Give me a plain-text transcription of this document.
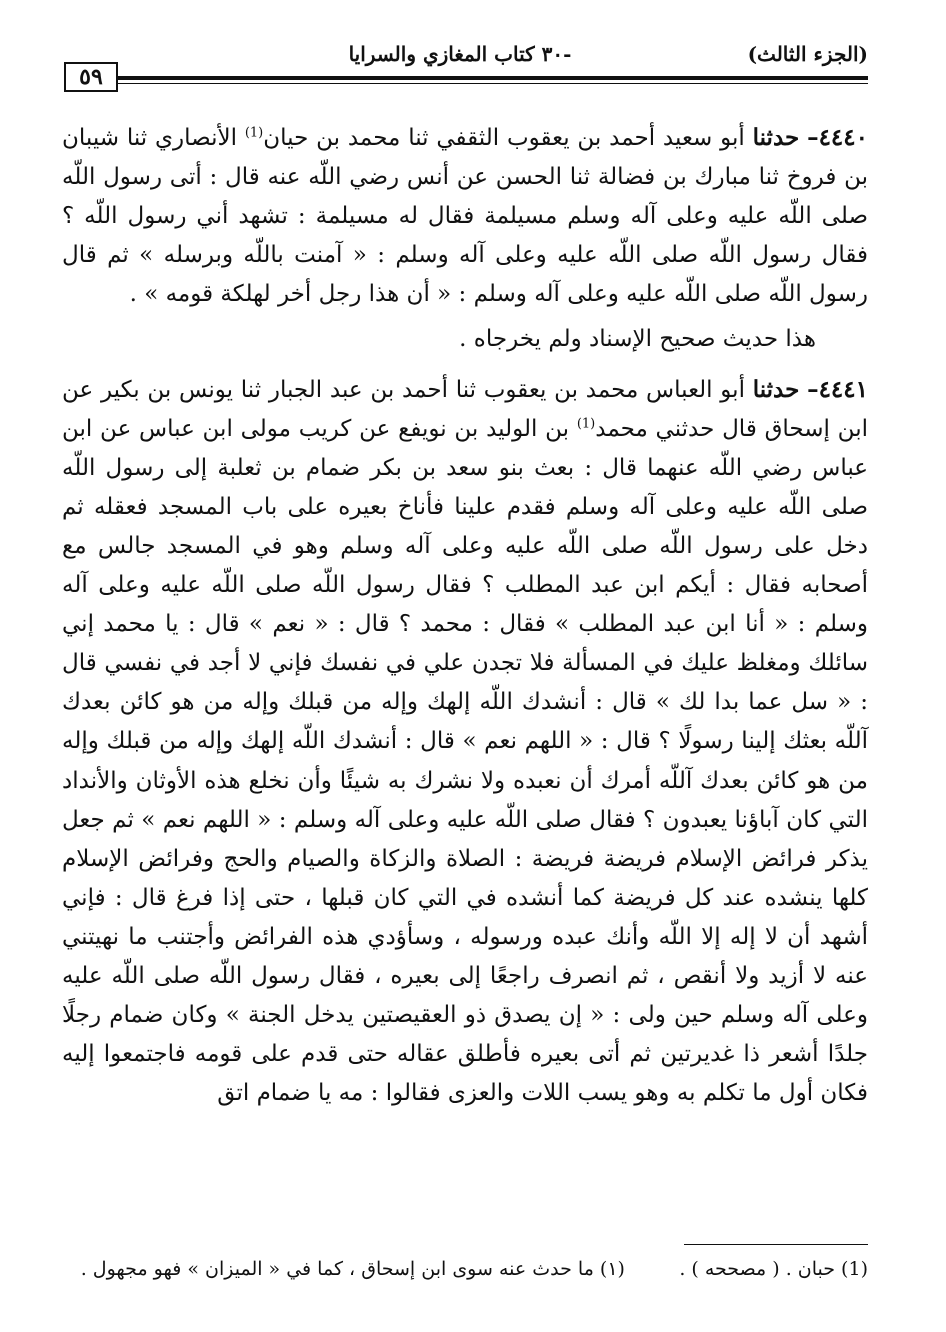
٥٩
-٣٠ كتاب المغازي والسرايا	(الجزء الثالث)

٤٤٤٠– حدثنا أبو سعيد أحمد بن يعقوب الثقفي ثنا محمد بن حيان$^{(1)}$ الأنصاري ثنا شيبان بن فروخ ثنا مبارك بن فضالة ثنا الحسن عن أنس رضي اللّه عنه قال : أتى رسول اللّه صلى اللّه عليه وعلى آله وسلم مسيلمة فقال له مسيلمة : تشهد أني رسول اللّه ؟ فقال رسول اللّه صلى اللّه عليه وعلى آله وسلم : « آمنت باللّه وبرسله » ثم قال رسول اللّه صلى اللّه عليه وعلى آله وسلم : « أن هذا رجل أخر لهلكة قومه » .

هذا حديث صحيح الإسناد ولم يخرجاه .

٤٤٤١– حدثنا أبو العباس محمد بن يعقوب ثنا أحمد بن عبد الجبار ثنا يونس بن بكير عن ابن إسحاق قال حدثني محمد$^{(1)}$ بن الوليد بن نويفع عن كريب مولى ابن عباس عن ابن عباس رضي اللّه عنهما قال : بعث بنو سعد بن بكر ضمام بن ثعلبة إلى رسول اللّه صلى اللّه عليه وعلى آله وسلم فقدم علينا فأناخ بعيره على باب المسجد فعقله ثم دخل على رسول اللّه صلى اللّه عليه وعلى آله وسلم وهو في المسجد جالس مع أصحابه فقال : أيكم ابن عبد المطلب ؟ فقال رسول اللّه صلى اللّه عليه وعلى آله وسلم : « أنا ابن عبد المطلب » فقال : محمد ؟ قال : « نعم » قال : يا محمد إني سائلك ومغلظ عليك في المسألة فلا تجدن علي في نفسك فإني لا أجد في نفسي قال : « سل عما بدا لك » قال : أنشدك اللّه إلهك وإله من قبلك وإله من هو كائن بعدك آللّه بعثك إلينا رسولًا ؟ قال : « اللهم نعم » قال : أنشدك اللّه إلهك وإله من قبلك وإله من هو كائن بعدك آللّه أمرك أن نعبده ولا نشرك به شيئًا وأن نخلع هذه الأوثان والأنداد التي كان آباؤنا يعبدون ؟ فقال صلى اللّه عليه وعلى آله وسلم : « اللهم نعم » ثم جعل يذكر فرائض الإسلام فريضة فريضة : الصلاة والزكاة والصيام والحج وفرائض الإسلام كلها ينشده عند كل فريضة كما أنشده في التي كان قبلها ، حتى إذا فرغ قال : فإني أشهد أن لا إله إلا اللّه وأنك عبده ورسوله ، وسأؤدي هذه الفرائض وأجتنب ما نهيتني عنه لا أزيد ولا أنقص ، ثم انصرف راجعًا إلى بعيره ، فقال رسول اللّه صلى اللّه عليه وعلى آله وسلم حين ولى : « إن يصدق ذو العقيصتين يدخل الجنة » وكان ضمام رجلًا جلدًا أشعر ذا غديرتين ثم أتى بعيره فأطلق عقاله حتى قدم على قومه فاجتمعوا إليه فكان أول ما تكلم به وهو يسب اللات والعزى فقالوا : مه يا ضمام اتق

(1) حبان . ( مصححه ) .         (١) ما حدث عنه سوى ابن إسحاق ، كما في « الميزان » فهو مجهول .
